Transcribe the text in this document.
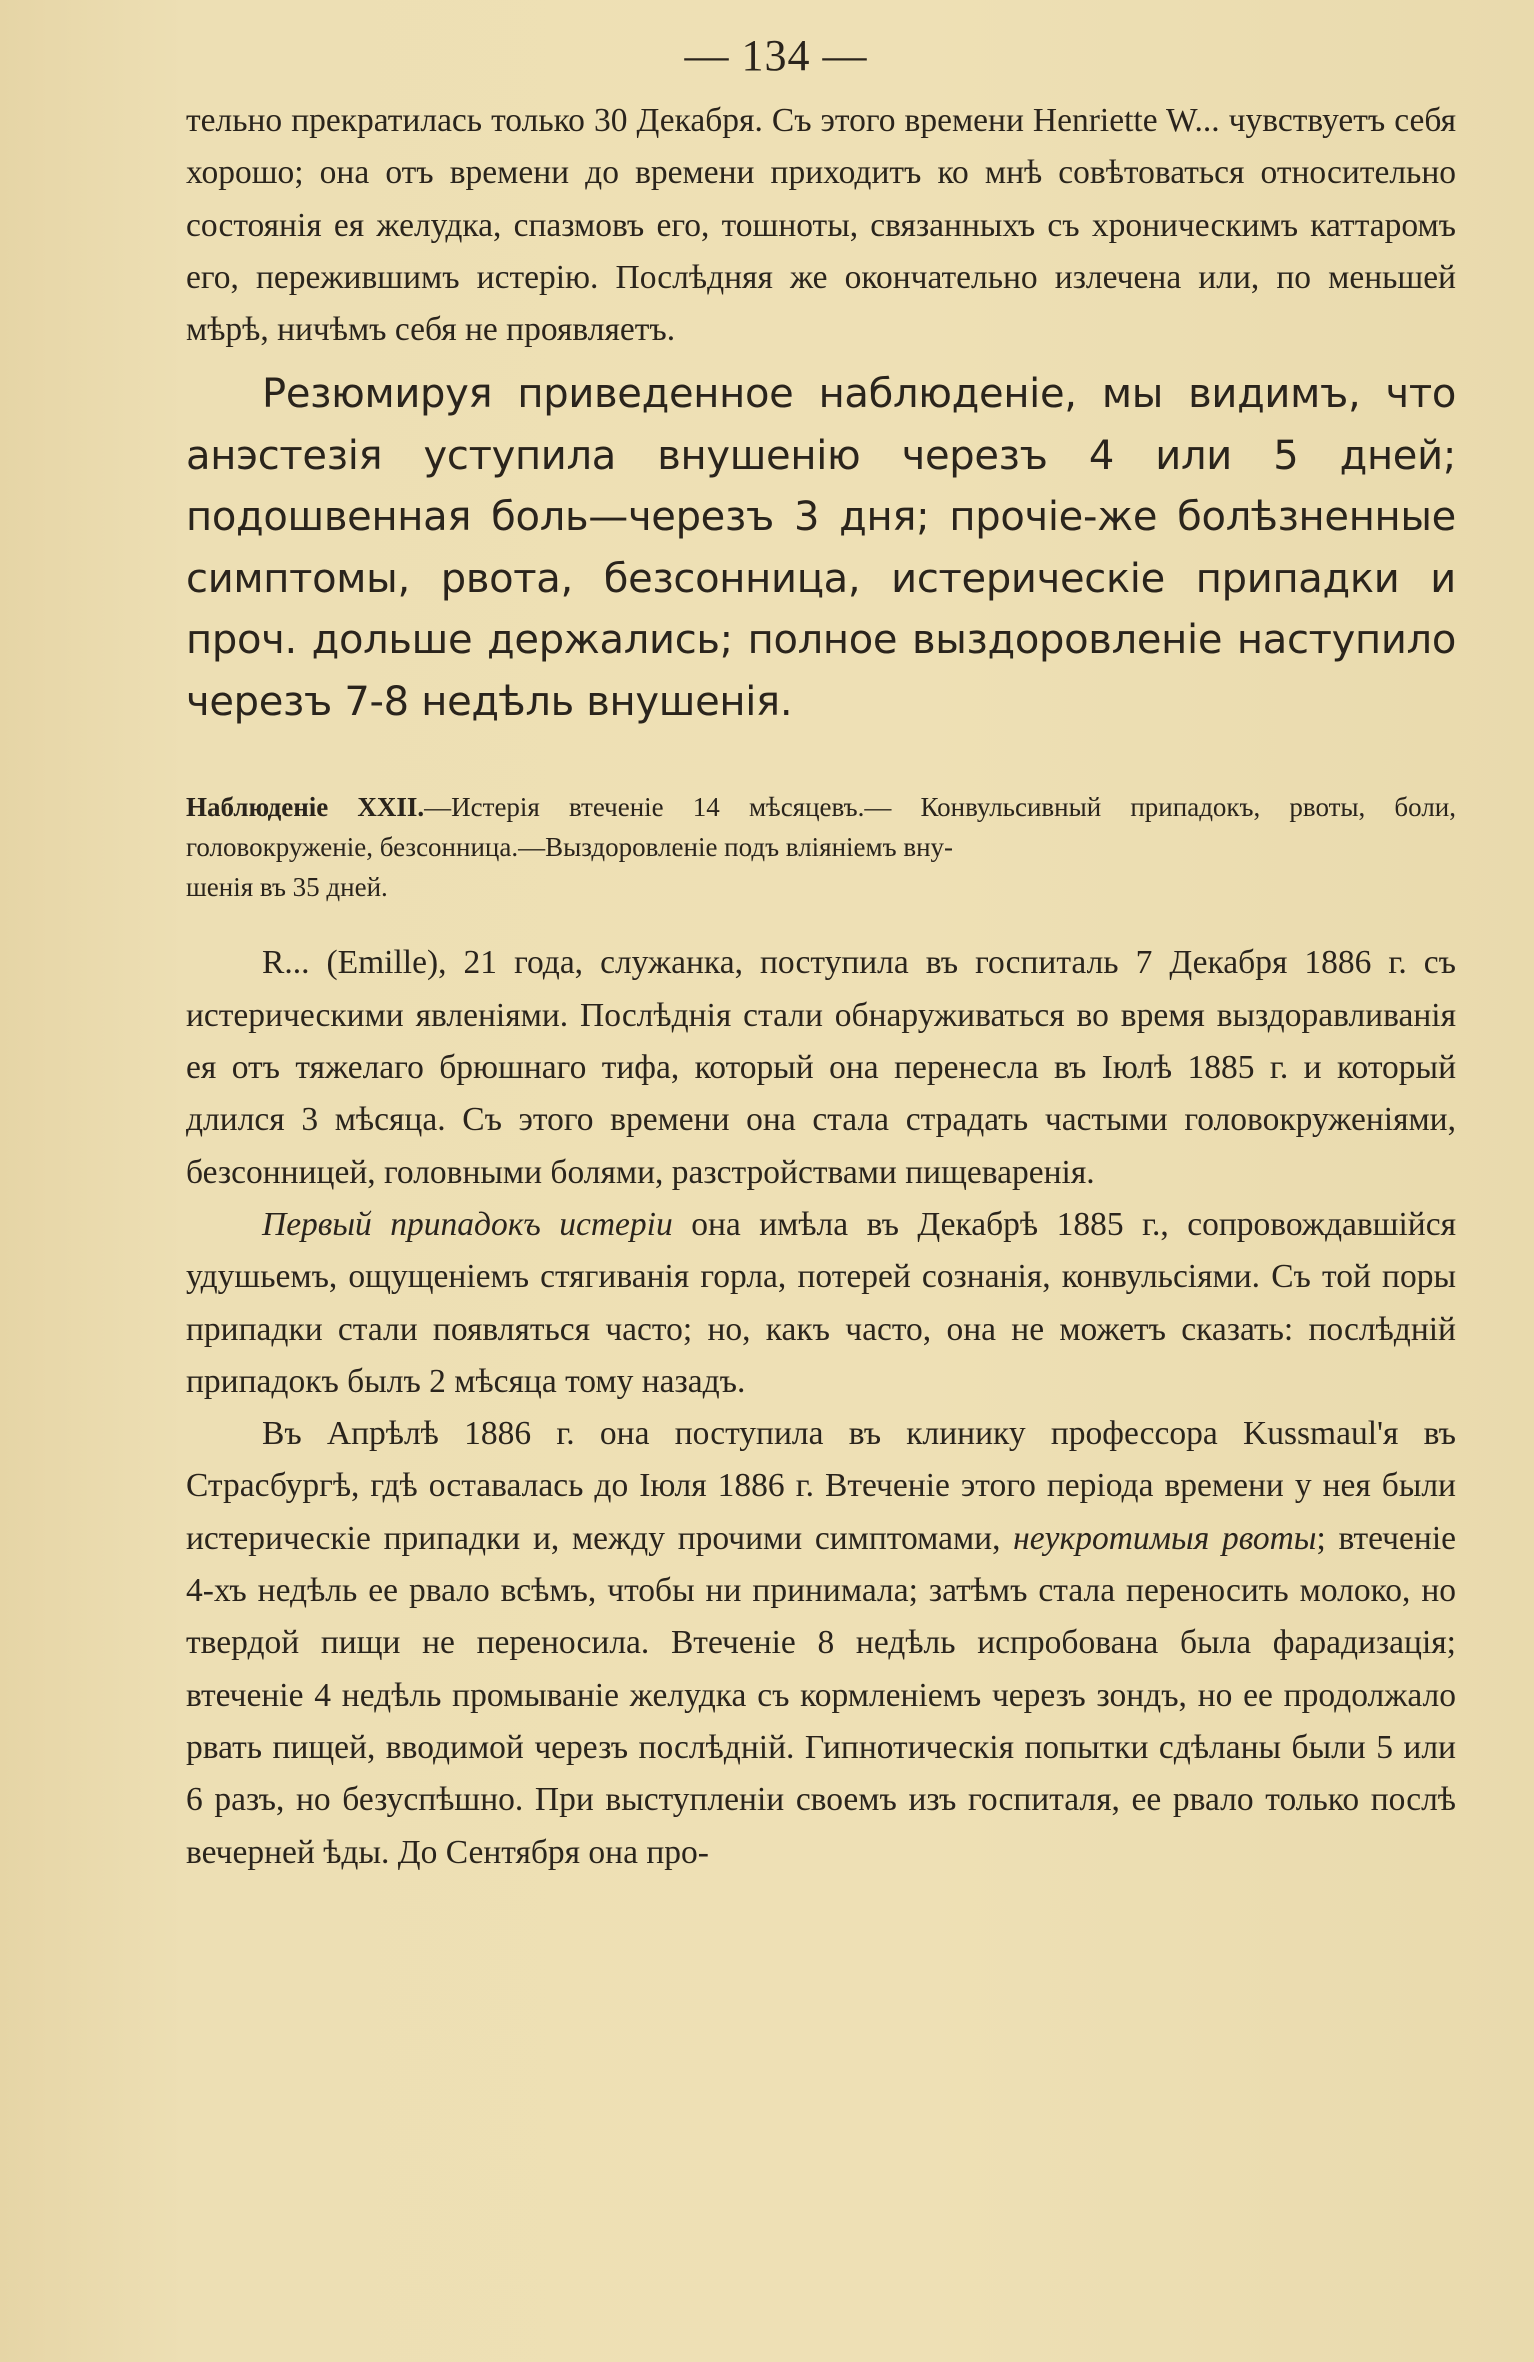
— 134 —

тельно прекратилась только 30 Декабря. Съ этого времени Henriette W... чувствуетъ себя хорошо; она отъ времени до времени приходитъ ко мнѣ совѣтоваться относительно состоянія ея желудка, спазмовъ его, тошноты, связанныхъ съ хроническимъ каттаромъ его, пережившимъ истерію. Послѣдняя же окончательно излечена или, по меньшей мѣрѣ, ничѣмъ себя не проявляетъ.

Резюмируя приведенное наблюденіе, мы видимъ, что анэстезія уступила внушенію черезъ 4 или 5 дней; подошвенная боль—черезъ 3 дня; прочіе-же болѣзненные симптомы, рвота, безсонница, истерическіе припадки и проч. дольше держались; полное выздоровленіе наступило черезъ 7-8 недѣль внушенія.

Наблюденіе XXII.—Истерія втеченіе 14 мѣсяцевъ.— Конвульсивный припадокъ, рвоты, боли, головокруженіе, безсонница.—Выздоровленіе подъ вліяніемъ вну-
шенія въ 35 дней.

R... (Emille), 21 года, служанка, поступила въ госпиталь 7 Декабря 1886 г. съ истерическими явленіями. Послѣднія стали обнаруживаться во время выздоравливанія ея отъ тяжелаго брюшнаго тифа, который она перенесла въ Іюлѣ 1885 г. и который длился 3 мѣсяца. Съ этого времени она стала страдать частыми головокруженіями, безсонницей, головными болями, разстройствами пищеваренія.

Первый припадокъ истеріи она имѣла въ Декабрѣ 1885 г., сопровождавшійся удушьемъ, ощущеніемъ стягиванія горла, потерей сознанія, конвульсіями. Съ той поры припадки стали появляться часто; но, какъ часто, она не можетъ сказать: послѣдній припадокъ былъ 2 мѣсяца тому назадъ.

Въ Апрѣлѣ 1886 г. она поступила въ клинику профессора Kussmaul'я въ Страсбургѣ, гдѣ оставалась до Іюля 1886 г. Втеченіе этого періода времени у нея были истерическіе припадки и, между прочими симптомами, неукротимыя рвоты; втеченіе 4-хъ недѣль ее рвало всѣмъ, чтобы ни принимала; затѣмъ стала переносить молоко, но твердой пищи не переносила. Втеченіе 8 недѣль испробована была фарадизація; втеченіе 4 недѣль промываніе желудка съ кормленіемъ черезъ зондъ, но ее продолжало рвать пищей, вводимой черезъ послѣдній. Гипнотическія попытки сдѣланы были 5 или 6 разъ, но безуспѣшно. При выступленіи своемъ изъ госпиталя, ее рвало только послѣ вечерней ѣды. До Сентября она про-
